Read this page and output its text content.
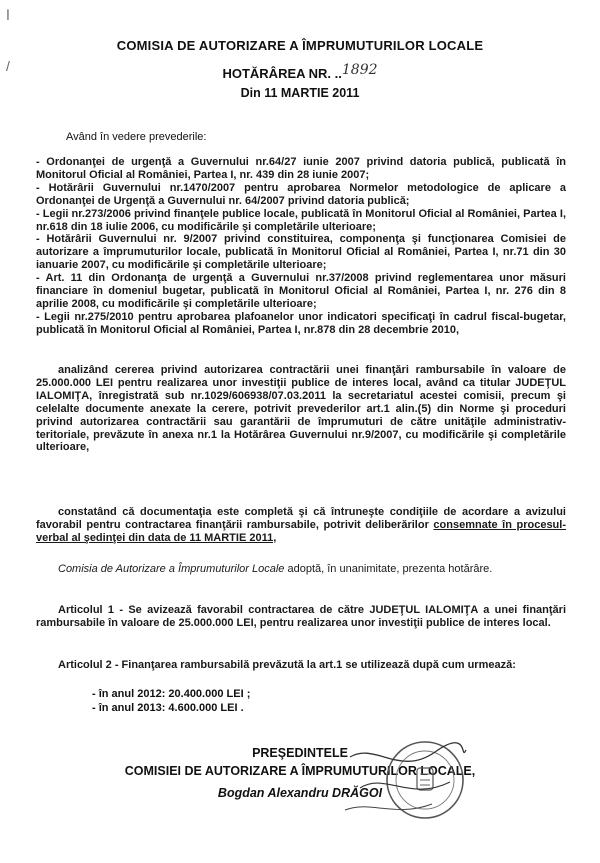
ꞁ
/
COMISIA DE AUTORIZARE A ÎMPRUMUTURILOR LOCALE
HOTĂRÂREA NR. ..1892
Din 11 MARTIE 2011
Având în vedere prevederile:

- Ordonanţei de urgenţă a Guvernului nr.64/27 iunie 2007 privind datoria publică, publicată în Monitorul Oficial al României, Partea I, nr. 439 din 28 iunie 2007;

- Hotărârii Guvernului nr.1470/2007 pentru aprobarea Normelor metodologice de aplicare a Ordonanţei de Urgenţă a Guvernului nr. 64/2007 privind datoria publică;

- Legii nr.273/2006 privind finanţele publice locale, publicată în Monitorul Oficial al României, Partea I, nr.618 din 18 iulie 2006, cu modificările şi completările ulterioare;

- Hotărârii Guvernului nr. 9/2007 privind constituirea, componenţa şi funcţionarea Comisiei de autorizare a împrumuturilor locale, publicată în Monitorul Oficial al României, Partea I, nr.71 din 30 ianuarie 2007, cu modificările şi completările ulterioare;

- Art. 11 din Ordonanţa de urgenţă a Guvernului nr.37/2008 privind reglementarea unor măsuri financiare în domeniul bugetar, publicată în Monitorul Oficial al României, Partea I, nr. 276 din 8 aprilie 2008, cu modificările şi completările ulterioare;

- Legii nr.275/2010 pentru aprobarea plafoanelor unor indicatori specificaţi în cadrul fiscal-bugetar, publicată în Monitorul Oficial al României, Partea I, nr.878 din 28 decembrie 2010,

analizând cererea privind autorizarea contractării unei finanţări rambursabile în valoare de 25.000.000 LEI pentru realizarea unor investiţii publice de interes local, având ca titular JUDEŢUL IALOMIŢA, înregistrată sub nr.1029/606938/07.03.2011 la secretariatul acestei comisii, precum şi celelalte documente anexate la cerere, potrivit prevederilor art.1 alin.(5) din Norme şi proceduri privind autorizarea contractării sau garantării de împrumuturi de către unităţile administrativ-teritoriale, prevăzute în anexa nr.1 la Hotărârea Guvernului nr.9/2007, cu modificările şi completările ulterioare,

constatând că documentaţia este completă şi că întruneşte condiţiile de acordare a avizului favorabil pentru contractarea finanţării rambursabile, potrivit deliberărilor consemnate în procesul-verbal al şedinţei din data de 11 MARTIE 2011,

Comisia de Autorizare a Împrumuturilor Locale adoptă, în unanimitate, prezenta hotărâre.

Articolul 1 - Se avizează favorabil contractarea de către JUDEŢUL IALOMIŢA a unei finanţări rambursabile în valoare de 25.000.000 LEI, pentru realizarea unor investiţii publice de interes local.

Articolul 2 - Finanţarea rambursabilă prevăzută la art.1 se utilizează după cum urmează:

- în anul 2012: 20.400.000 LEI ;
- în anul 2013: 4.600.000 LEI .
PREŞEDINTELE
COMISIEI DE AUTORIZARE A ÎMPRUMUTURILOR LOCALE,
Bogdan Alexandru DRĂGOI
